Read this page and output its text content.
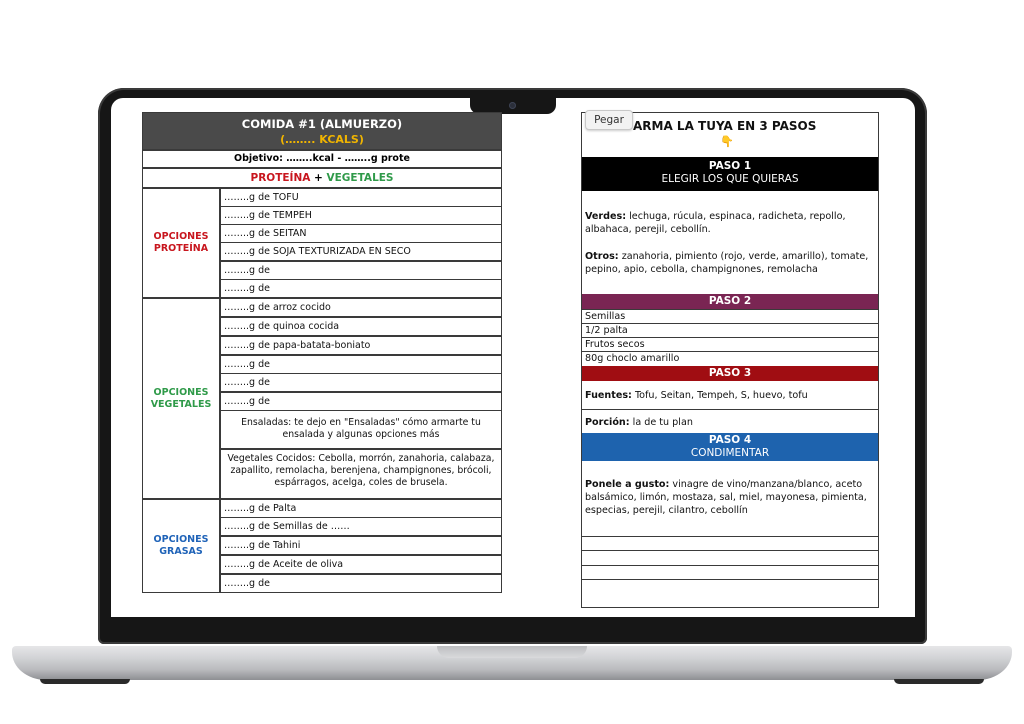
COMIDA #1 (ALMUERZO)
(…….. KCALS)
Objetivo: ……..kcal - ……..g prote
PROTEÍNA + VEGETALES
OPCIONES
PROTEÍNA
……..g de TOFU
……..g de TEMPEH
……..g de SEITAN
……..g de SOJA TEXTURIZADA EN SECO
……..g de
……..g de
OPCIONES
VEGETALES
……..g de arroz cocido
……..g de quinoa cocida
……..g de papa-batata-boniato
……..g de
……..g de
……..g de
Ensaladas: te dejo en "Ensaladas" cómo armarte tu ensalada y algunas opciones más
Vegetales Cocidos: Cebolla, morrón, zanahoria, calabaza, zapallito, remolacha, berenjena, champignones, brócoli, espárragos, acelga, coles de brusela.
OPCIONES
GRASAS
……..g de Palta
……..g de Semillas de ……
……..g de Tahini
……..g de Aceite de oliva
……..g de
Pegar ARMA LA TUYA EN 3 PASOS
👇
PASO 1
ELEGIR LOS QUE QUIERAS
Verdes: lechuga, rúcula, espinaca, radicheta, repollo, albahaca, perejil, cebollín.
Otros: zanahoria, pimiento (rojo, verde, amarillo), tomate, pepino, apio, cebolla, champignones, remolacha
PASO 2
Semillas
1/2 palta
Frutos secos
80g choclo amarillo
PASO 3
Fuentes: Tofu, Seitan, Tempeh, S, huevo, tofu
Porción: la de tu plan
PASO 4
CONDIMENTAR
Ponele a gusto: vinagre de vino/manzana/blanco, aceto balsámico, limón, mostaza, sal, miel, mayonesa, pimienta, especias, perejil, cilantro, cebollín
